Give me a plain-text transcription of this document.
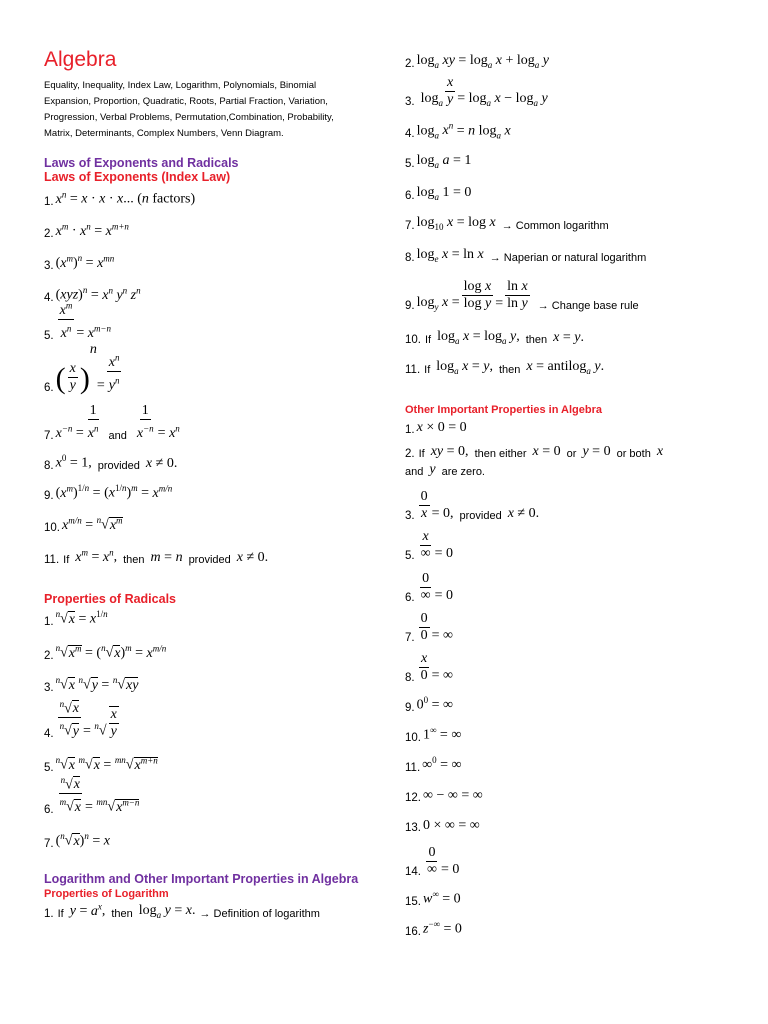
Algebra

Equality, Inequality, Index Law, Logarithm, Polynomials, Binomial Expansion, Proportion, Quadratic, Roots, Partial Fraction, Variation, Progression, Verbal Problems, Permutation,Combination, Probability, Matrix, Determinants, Complex Numbers, Venn Diagram.

Laws of Exponents and Radicals
Laws of Exponents (Index Law)
1. $x^n = x \cdot x \cdot x$... (n factors)
2. $x^m \cdot x^n = x^{m+n}$
3. $(x^m)^n = x^{mn}$
4. $(xyz)^n = x^n$ $y^n$ $z^n$
5. $\frac{x^m}{x^n} = x^{m-n}$
6. ( $\frac{x}{y}$ )
n
= $\frac{x^n}{y^n}$
7. $x^{-n} = \frac{1}{x^n}$ and $\frac{1}{x^{-n}} = x^n$
8. $x^0 = 1$, provided x ≠ 0.
9. $(x^m)^{1/n} = (x^{1/n})^m = x^{m/n}$
10. $x^{m/n} = ^n√x^m$
11. If $x^m = x^n$, then m = n provided x ≠ 0.
Properties of Radicals
1.
$^n√x = x^{1/n}$
2.
$^n√x^m = (^n√x)^m = x^{m/n}$
3.
$^n$√x $^n$√y = $^n$√xy
4. $\frac{^n√x}{^n√y} = ^n√ \frac{x}{y}$
5.
$^n$√x $^m√x = ^{mn}√x^{m+n}$
6. $\frac{^n√x}{^m√x} = ^{mn}√x^{m-n}$
7. $(^n√x)^n = x$
Logarithm and Other Important Properties in Algebra
Properties of Logarithm
1. If $y = a^x$, then $\log_a y = x$. → Definition of logarithm
2. $\log_a$ xy = $\log_a x + \log_a y$
3. $\log_a \frac{x}{y} = \log_a x - \log_a y$
4. $\log_a x^n = n$ $\log_a x$
5. $\log_a a = 1$
6. $\log_a 1 = 0$
7. $\log_{10} x = \log x$ → Common logarithm
8. $\log_e x = \ln x$ → Naperian or natural logarithm
9. $\log_y x = \frac{\text{log x}}{\text{log y}} = \frac{\text{ln x}}{\text{ln y}}$ → Change base rule
10. If $\log_a x = \log_a y$, then x = y.
11. If $\log_a x = y$, then x = antilog$_a$ y.
Other Important Properties in Algebra
1. x × 0 = 0
2. If xy = 0, then either x = 0 or y = 0 or both x
and y are zero.
3. $\frac{0}{x} = 0$, provided x ≠ 0.
5. $\frac{x}{\infty} = 0$
6. $\frac{0}{\infty} = 0$
7. $\frac{0}{0}$ = ∞
8. $\frac{x}{0}$ = ∞
9. $0^0$ = ∞
10. 1∞ = ∞
11. ∞$^0$ = ∞
12. ∞ − ∞ = ∞
13. 0 × ∞ = ∞
14. $\frac{0}{\infty} = 0$
15. w∞ = 0
16. z−∞ = 0
